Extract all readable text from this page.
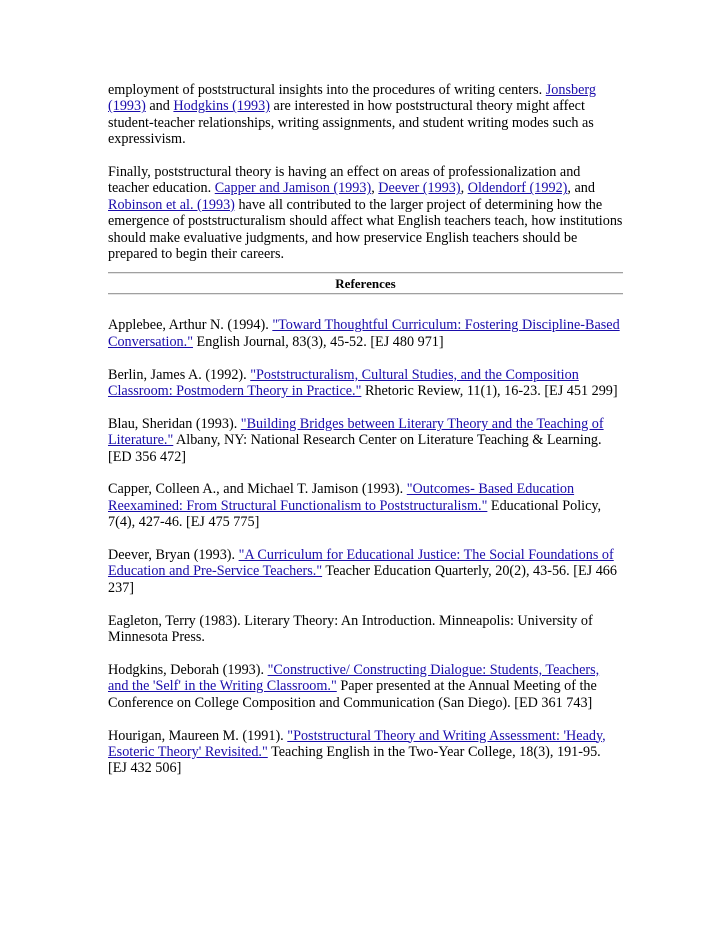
employment of poststructural insights into the procedures of writing centers. Jonsberg (1993) and Hodgkins (1993) are interested in how poststructural theory might affect student-teacher relationships, writing assignments, and student writing modes such as expressivism.

Finally, poststructural theory is having an effect on areas of professionalization and teacher education. Capper and Jamison (1993), Deever (1993), Oldendorf (1992), and Robinson et al. (1993) have all contributed to the larger project of determining how the emergence of poststructuralism should affect what English teachers teach, how institutions should make evaluative judgments, and how preservice English teachers should be prepared to begin their careers.

References

Applebee, Arthur N. (1994). "Toward Thoughtful Curriculum: Fostering Discipline-Based Conversation." English Journal, 83(3), 45-52. [EJ 480 971]

Berlin, James A. (1992). "Poststructuralism, Cultural Studies, and the Composition Classroom: Postmodern Theory in Practice." Rhetoric Review, 11(1), 16-23. [EJ 451 299]

Blau, Sheridan (1993). "Building Bridges between Literary Theory and the Teaching of Literature." Albany, NY: National Research Center on Literature Teaching & Learning. [ED 356 472]

Capper, Colleen A., and Michael T. Jamison (1993). "Outcomes- Based Education Reexamined: From Structural Functionalism to Poststructuralism." Educational Policy, 7(4), 427-46. [EJ 475 775]

Deever, Bryan (1993). "A Curriculum for Educational Justice: The Social Foundations of Education and Pre-Service Teachers." Teacher Education Quarterly, 20(2), 43-56. [EJ 466 237]

Eagleton, Terry (1983). Literary Theory: An Introduction. Minneapolis: University of Minnesota Press.

Hodgkins, Deborah (1993). "Constructive/ Constructing Dialogue: Students, Teachers, and the 'Self' in the Writing Classroom." Paper presented at the Annual Meeting of the Conference on College Composition and Communication (San Diego). [ED 361 743]

Hourigan, Maureen M. (1991). "Poststructural Theory and Writing Assessment: 'Heady, Esoteric Theory' Revisited." Teaching English in the Two-Year College, 18(3), 191-95. [EJ 432 506]
